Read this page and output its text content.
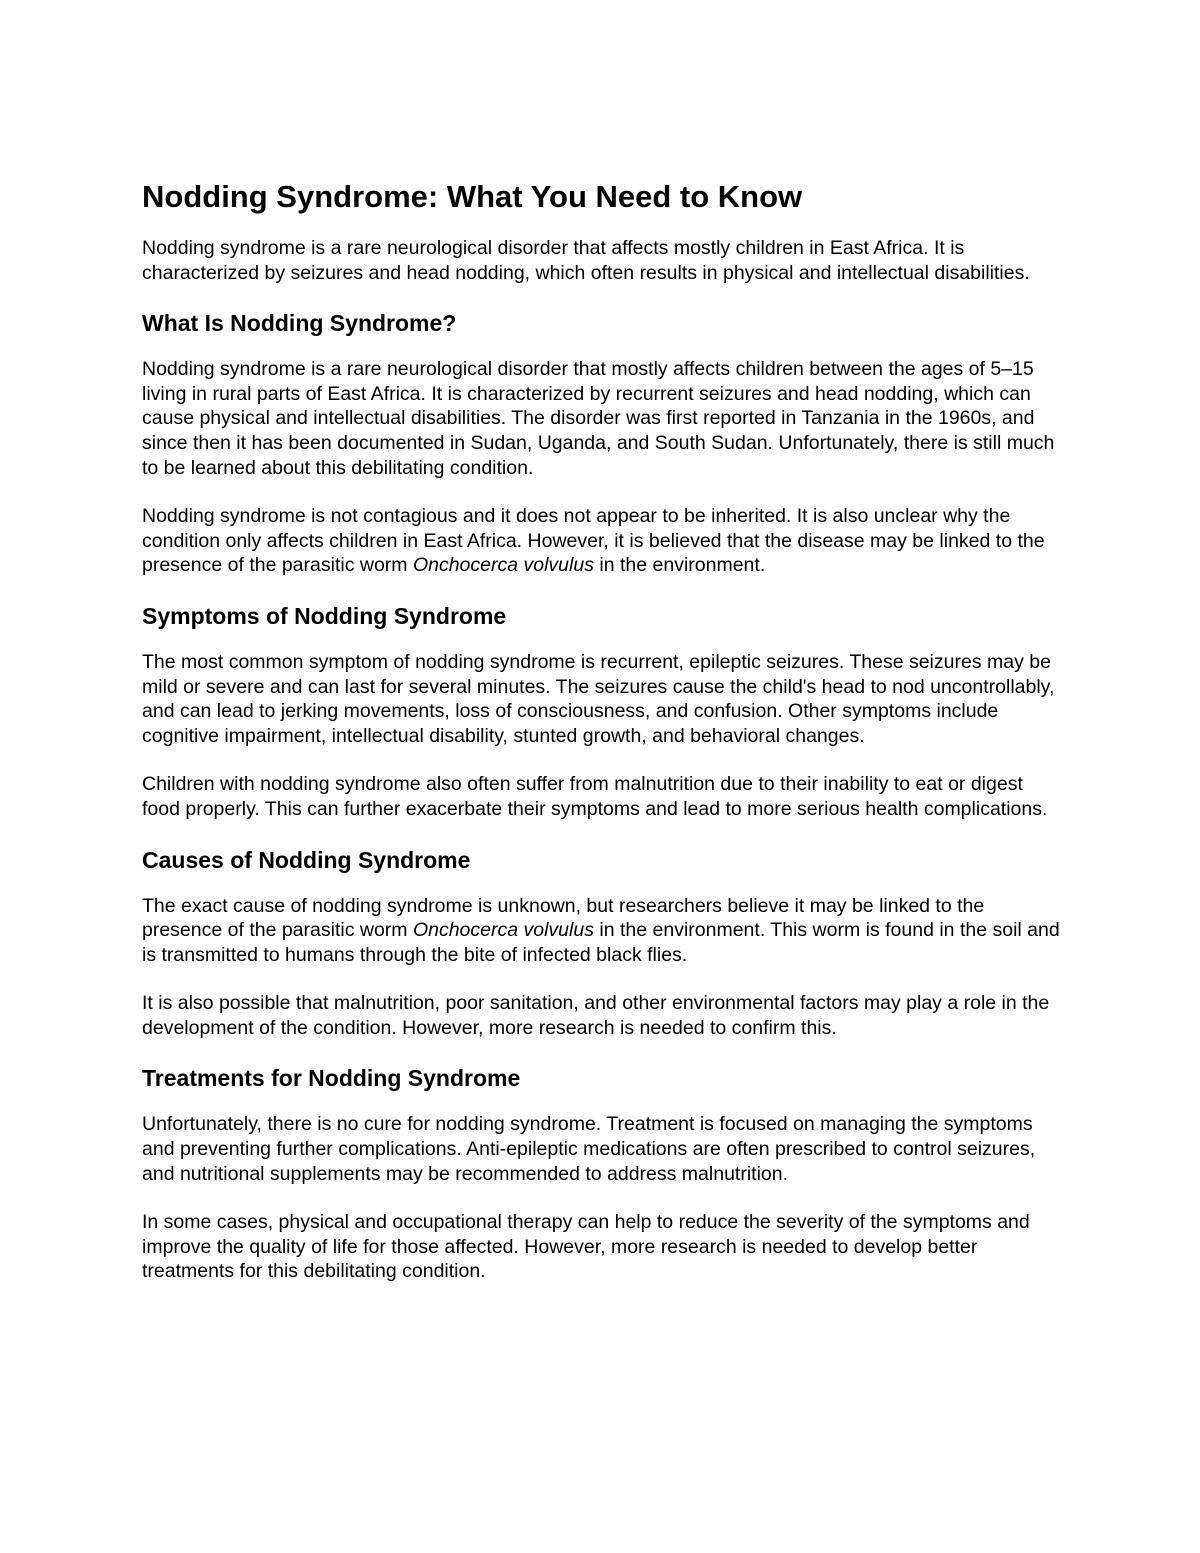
Nodding Syndrome: What You Need to Know

Nodding syndrome is a rare neurological disorder that affects mostly children in East Africa. It is characterized by seizures and head nodding, which often results in physical and intellectual disabilities.

What Is Nodding Syndrome?

Nodding syndrome is a rare neurological disorder that mostly affects children between the ages of 5–15 living in rural parts of East Africa. It is characterized by recurrent seizures and head nodding, which can cause physical and intellectual disabilities. The disorder was first reported in Tanzania in the 1960s, and since then it has been documented in Sudan, Uganda, and South Sudan. Unfortunately, there is still much to be learned about this debilitating condition.

Nodding syndrome is not contagious and it does not appear to be inherited. It is also unclear why the condition only affects children in East Africa. However, it is believed that the disease may be linked to the presence of the parasitic worm Onchocerca volvulus in the environment.

Symptoms of Nodding Syndrome

The most common symptom of nodding syndrome is recurrent, epileptic seizures. These seizures may be mild or severe and can last for several minutes. The seizures cause the child's head to nod uncontrollably, and can lead to jerking movements, loss of consciousness, and confusion. Other symptoms include cognitive impairment, intellectual disability, stunted growth, and behavioral changes.

Children with nodding syndrome also often suffer from malnutrition due to their inability to eat or digest food properly. This can further exacerbate their symptoms and lead to more serious health complications.

Causes of Nodding Syndrome

The exact cause of nodding syndrome is unknown, but researchers believe it may be linked to the presence of the parasitic worm Onchocerca volvulus in the environment. This worm is found in the soil and is transmitted to humans through the bite of infected black flies.

It is also possible that malnutrition, poor sanitation, and other environmental factors may play a role in the development of the condition. However, more research is needed to confirm this.

Treatments for Nodding Syndrome

Unfortunately, there is no cure for nodding syndrome. Treatment is focused on managing the symptoms and preventing further complications. Anti-epileptic medications are often prescribed to control seizures, and nutritional supplements may be recommended to address malnutrition.

In some cases, physical and occupational therapy can help to reduce the severity of the symptoms and improve the quality of life for those affected. However, more research is needed to develop better treatments for this debilitating condition.
